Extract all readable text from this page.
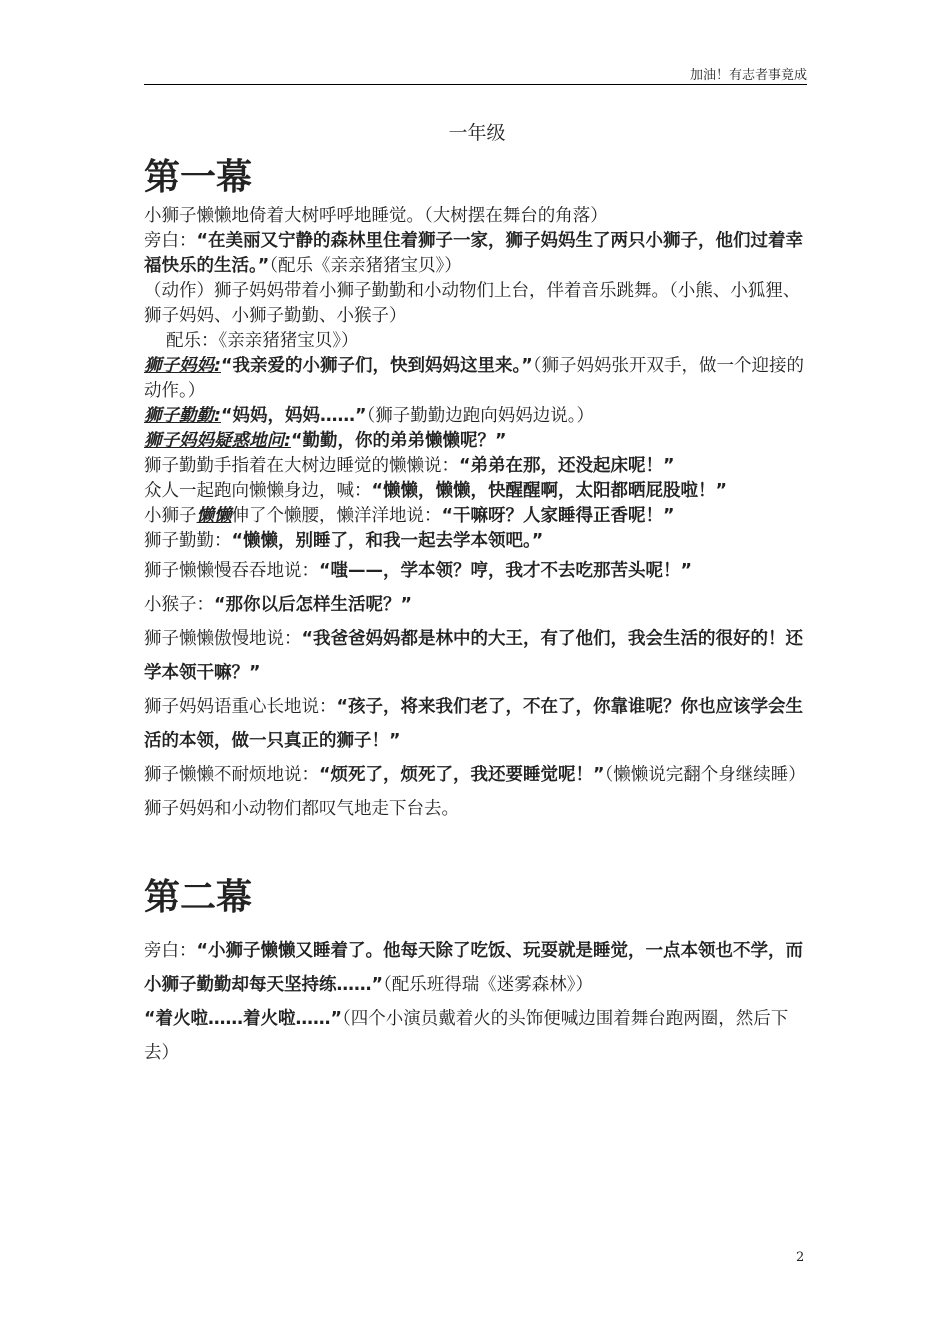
加油！有志者事竟成

一年级

第一幕

小狮子懒懒地倚着大树呼呼地睡觉。（大树摆在舞台的角落）

旁白：“在美丽又宁静的森林里住着狮子一家，狮子妈妈生了两只小狮子，他们过着幸福快乐的生活。”（配乐《亲亲猪猪宝贝》）

（动作）狮子妈妈带着小狮子勤勤和小动物们上台，伴着音乐跳舞。（小熊、小狐狸、狮子妈妈、小狮子勤勤、小猴子）

配乐：《亲亲猪猪宝贝》）

狮子妈妈:“我亲爱的小狮子们，快到妈妈这里来。”（狮子妈妈张开双手，做一个迎接的动作。）

狮子勤勤:“妈妈，妈妈……”（狮子勤勤边跑向妈妈边说。）

狮子妈妈疑惑地问:“勤勤，你的弟弟懒懒呢？”

狮子勤勤手指着在大树边睡觉的懒懒说：“弟弟在那，还没起床呢！”

众人一起跑向懒懒身边，喊：“懒懒，懒懒，快醒醒啊，太阳都晒屁股啦！”

小狮子懒懒伸了个懒腰，懒洋洋地说：“干嘛呀？人家睡得正香呢！”

狮子勤勤：“懒懒，别睡了，和我一起去学本领吧。”

狮子懒懒慢吞吞地说：“嗤——，学本领？哼，我才不去吃那苦头呢！”

小猴子：“那你以后怎样生活呢？”

狮子懒懒傲慢地说：“我爸爸妈妈都是林中的大王，有了他们，我会生活的很好的！还学本领干嘛？”

狮子妈妈语重心长地说：“孩子，将来我们老了，不在了，你靠谁呢？你也应该学会生活的本领，做一只真正的狮子！”

狮子懒懒不耐烦地说：“烦死了，烦死了，我还要睡觉呢！”（懒懒说完翻个身继续睡）

狮子妈妈和小动物们都叹气地走下台去。

第二幕

旁白：“小狮子懒懒又睡着了。他每天除了吃饭、玩耍就是睡觉，一点本领也不学，而小狮子勤勤却每天坚持练……”（配乐班得瑞《迷雾森林》）

“着火啦……着火啦……”（四个小演员戴着火的头饰便喊边围着舞台跑两圈，然后下去）

2
